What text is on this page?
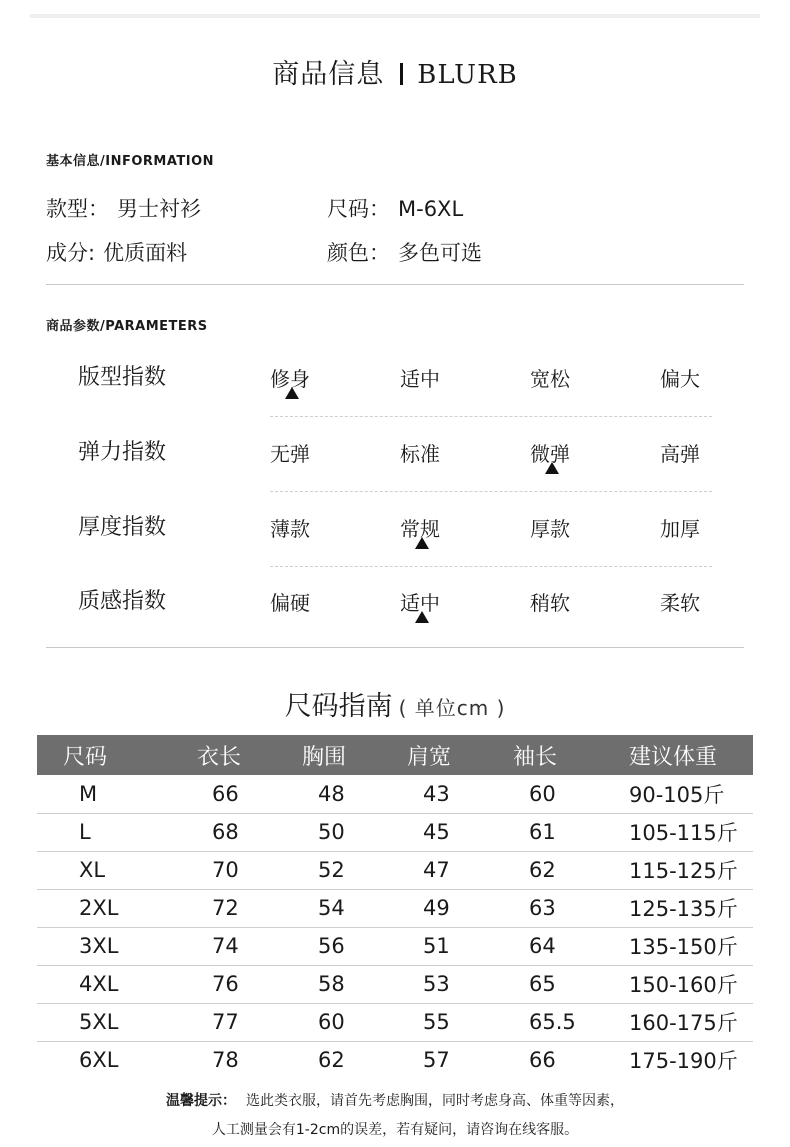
商品信息 BLURB
基本信息/INFORMATION
款型： 男士衬衫	尺码： M-6XL
成分: 优质面料	颜色： 多色可选
商品参数/PARAMETERS
版型指数	修身	适中	宽松	偏大
弹力指数	无弹	标准	微弹	高弹
厚度指数	薄款	常规	厚款	加厚
质感指数	偏硬	适中	稍软	柔软
尺码指南 ( 单位cm )
尺码	衣长	胸围	肩宽	袖长	建议体重
M	66	48	43	60	90-105斤
L	68	50	45	61	105-115斤
XL	70	52	47	62	115-125斤
2XL	72	54	49	63	125-135斤
3XL	74	56	51	64	135-150斤
4XL	76	58	53	65	150-160斤
5XL	77	60	55	65.5	160-175斤
6XL	78	62	57	66	175-190斤
温馨提示： 选此类衣服，请首先考虑胸围，同时考虑身高、体重等因素，
人工测量会有1-2cm的误差，若有疑问，请咨询在线客服。
